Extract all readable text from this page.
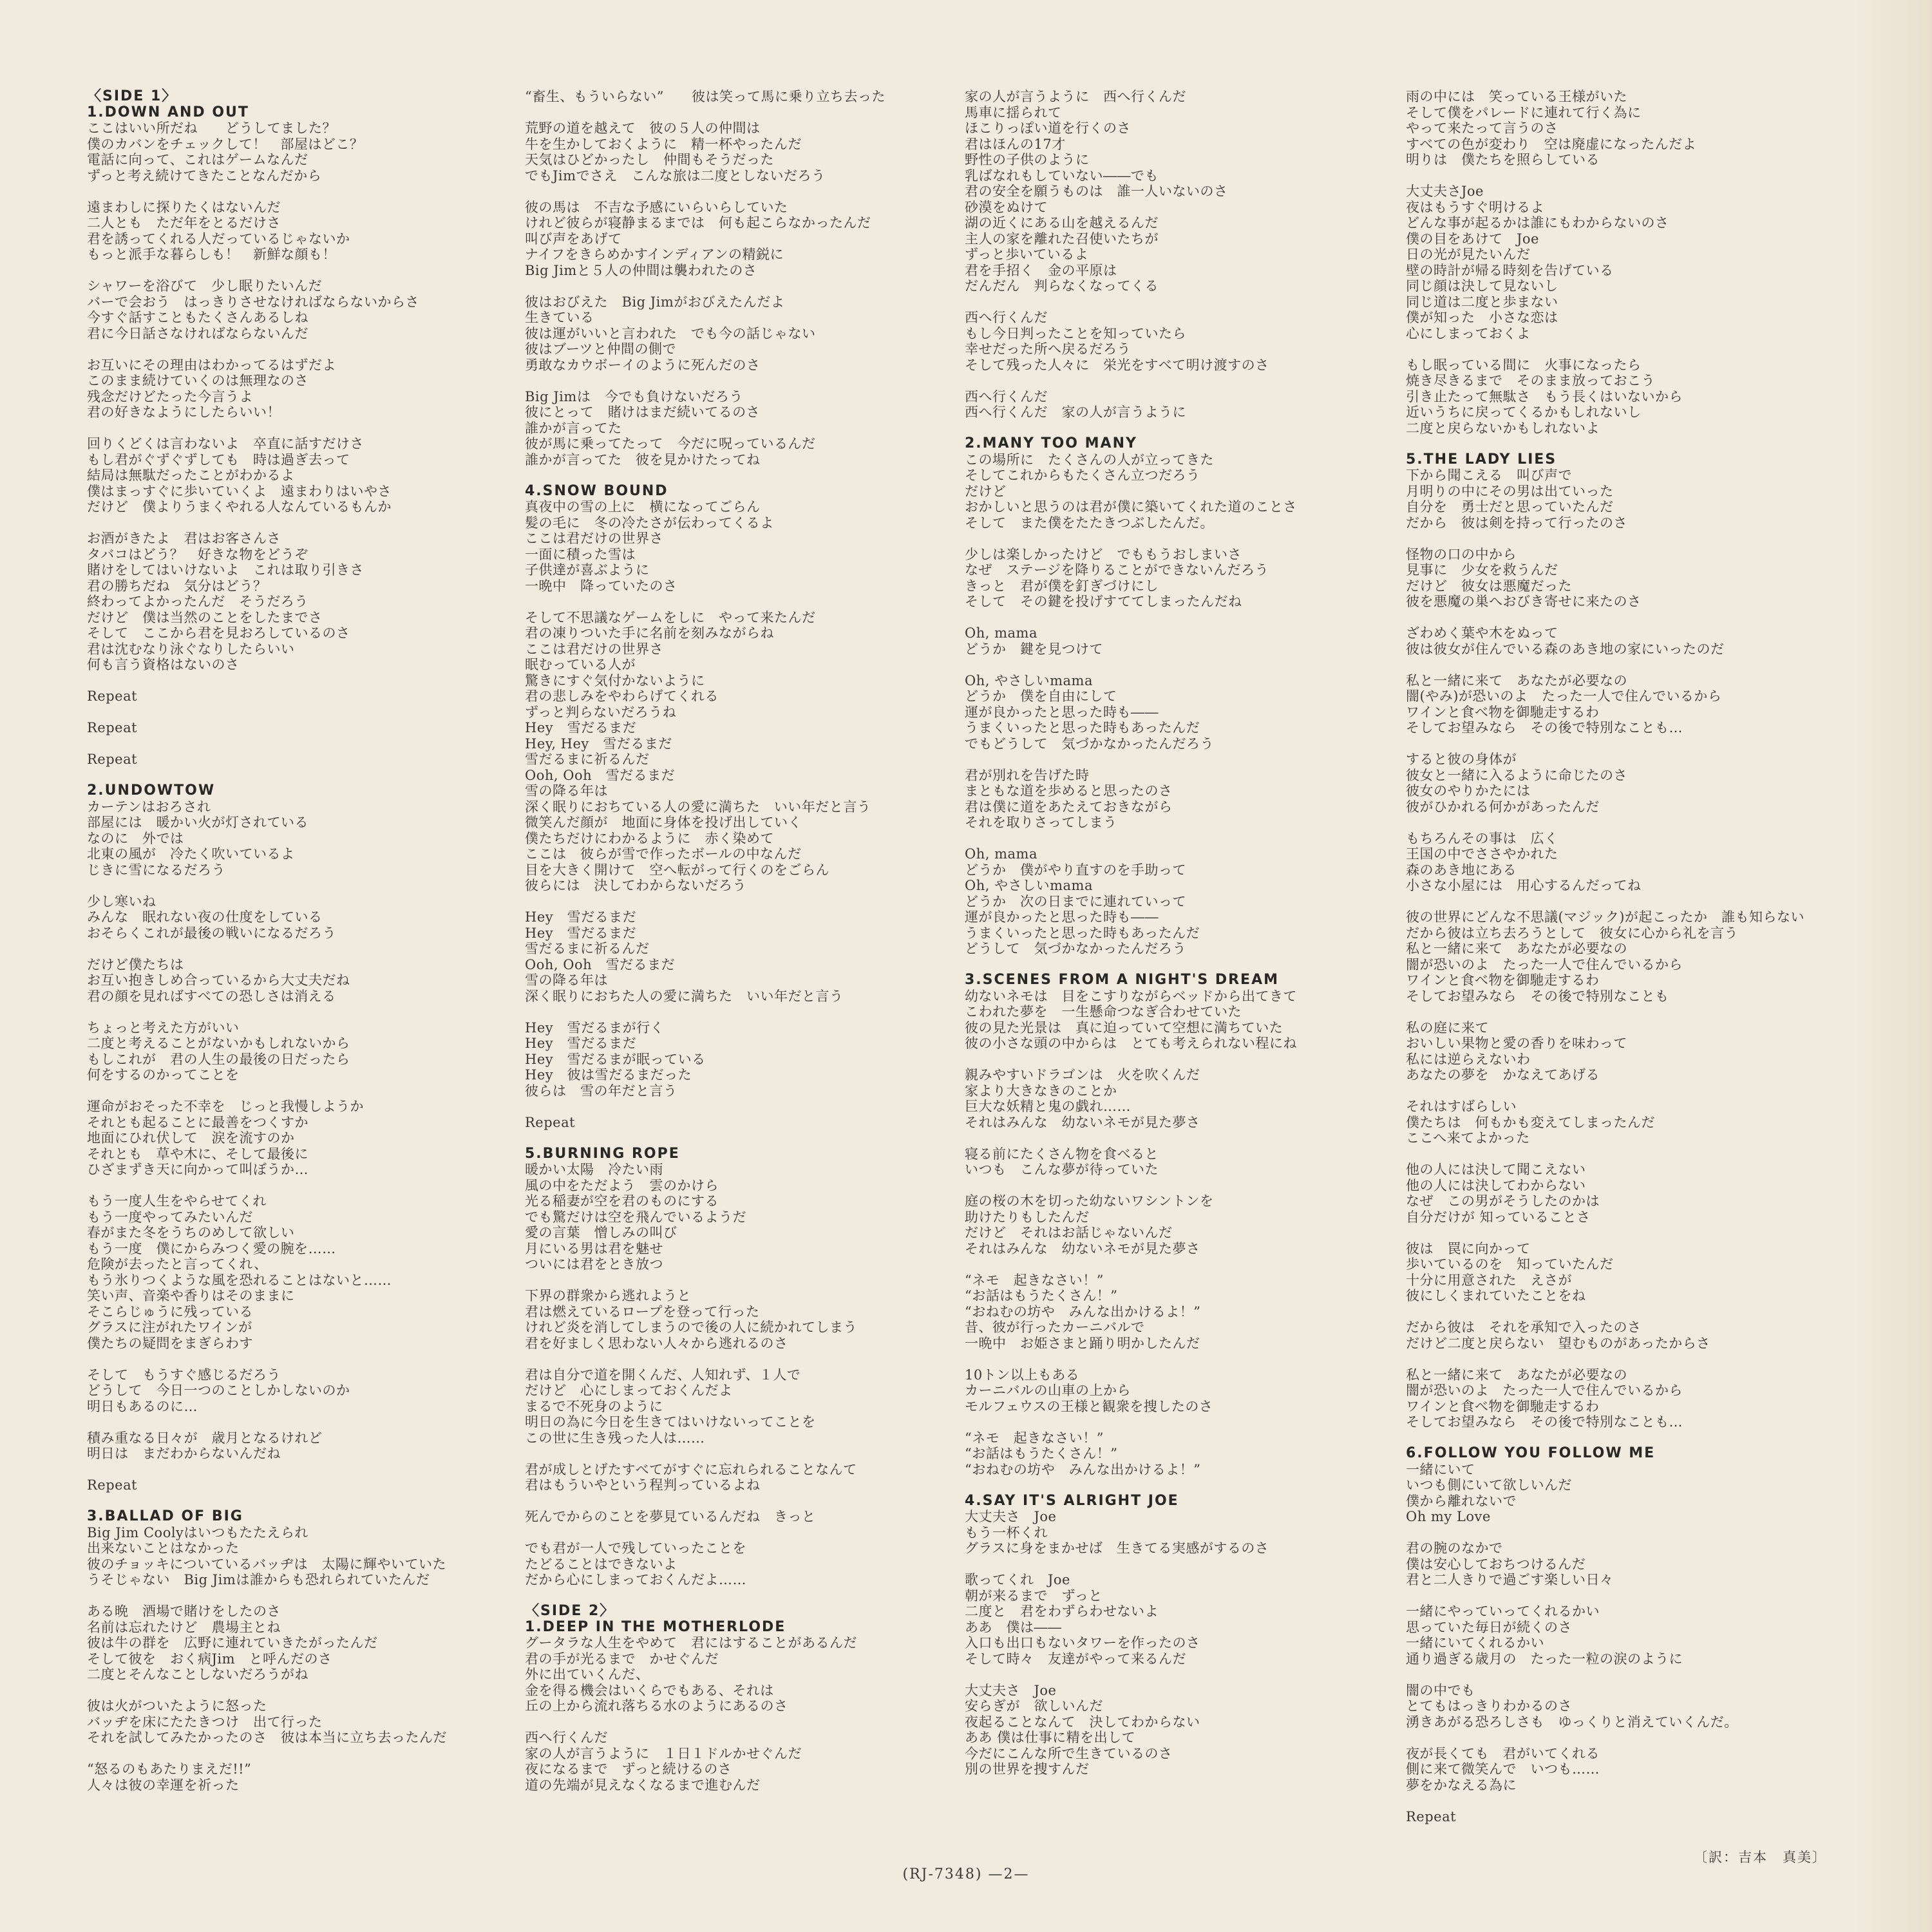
〈SIDE 1〉
1.DOWN AND OUT
ここはいい所だね　　どうしてました？
僕のカバンをチェックして！　部屋はどこ？
電話に向って、これはゲームなんだ
ずっと考え続けてきたことなんだから
遠まわしに探りたくはないんだ
二人とも　ただ年をとるだけさ
君を誘ってくれる人だっているじゃないか
もっと派手な暮らしも！　新鮮な顔も！
シャワーを浴びて　少し眠りたいんだ
バーで会おう　はっきりさせなければならないからさ
今すぐ話すこともたくさんあるしね
君に今日話さなければならないんだ
お互いにその理由はわかってるはずだよ
このまま続けていくのは無理なのさ
残念だけどたった今言うよ
君の好きなようにしたらいい！
回りくどくは言わないよ　卒直に話すだけさ
もし君がぐずぐずしても　時は過ぎ去って
結局は無駄だったことがわかるよ
僕はまっすぐに歩いていくよ　遠まわりはいやさ
だけど　僕よりうまくやれる人なんているもんか
お酒がきたよ　君はお客さんさ
タバコはどう？　好きな物をどうぞ
賭けをしてはいけないよ　これは取り引きさ
君の勝ちだね　気分はどう？
終わってよかったんだ　そうだろう
だけど　僕は当然のことをしたまでさ
そして　ここから君を見おろしているのさ
君は沈むなり泳ぐなりしたらいい
何も言う資格はないのさ
Repeat
Repeat
Repeat
2.UNDOWTOW
カーテンはおろされ
部屋には　暖かい火が灯されている
なのに　外では
北東の風が　冷たく吹いているよ
じきに雪になるだろう
少し寒いね
みんな　眠れない夜の仕度をしている
おそらくこれが最後の戦いになるだろう
だけど僕たちは
お互い抱きしめ合っているから大丈夫だね
君の顔を見ればすべての恐しさは消える
ちょっと考えた方がいい
二度と考えることがないかもしれないから
もしこれが　君の人生の最後の日だったら
何をするのかってことを
運命がおそった不幸を　じっと我慢しようか
それとも起ることに最善をつくすか
地面にひれ伏して　涙を流すのか
それとも　草や木に、そして最後に
ひざまずき天に向かって叫ぼうか…
もう一度人生をやらせてくれ
もう一度やってみたいんだ
春がまた冬をうちのめして欲しい
もう一度　僕にからみつく愛の腕を……
危険が去ったと言ってくれ、
もう氷りつくような風を恐れることはないと……
笑い声、音楽や香りはそのままに
そこらじゅうに残っている
グラスに注がれたワインが
僕たちの疑問をまぎらわす
そして　もうすぐ感じるだろう
どうして　今日一つのことしかしないのか
明日もあるのに…
積み重なる日々が　歳月となるけれど
明日は　まだわからないんだね
Repeat
3.BALLAD OF BIG
Big Jim Coolyはいつもたたえられ
出来ないことはなかった
彼のチョッキについているバッヂは　太陽に輝やいていた
うそじゃない　Big Jimは誰からも恐れられていたんだ
ある晩　酒場で賭けをしたのさ
名前は忘れたけど　農場主とね
彼は牛の群を　広野に連れていきたがったんだ
そして彼を　おく病Jim　と呼んだのさ
二度とそんなことしないだろうがね
彼は火がついたように怒った
バッヂを床にたたきつけ　出て行った
それを試してみたかったのさ　彼は本当に立ち去ったんだ
“怒るのもあたりまえだ!!”
人々は彼の幸運を祈った
“畜生、もういらない”　　彼は笑って馬に乗り立ち去った
荒野の道を越えて　彼の５人の仲間は
牛を生かしておくように　精一杯やったんだ
天気はひどかったし　仲間もそうだった
でもJimでさえ　こんな旅は二度としないだろう
彼の馬は　不吉な予感にいらいらしていた
けれど彼らが寝静まるまでは　何も起こらなかったんだ
叫び声をあげて
ナイフをきらめかすインディアンの精鋭に
Big Jimと５人の仲間は襲われたのさ
彼はおびえた　Big Jimがおびえたんだよ
生きている
彼は運がいいと言われた　でも今の話じゃない
彼はブーツと仲間の側で
勇敢なカウボーイのように死んだのさ
Big Jimは　今でも負けないだろう
彼にとって　賭けはまだ続いてるのさ
誰かが言ってた
彼が馬に乗ってたって　今だに呪っているんだ
誰かが言ってた　彼を見かけたってね
4.SNOW BOUND
真夜中の雪の上に　横になってごらん
髪の毛に　冬の冷たさが伝わってくるよ
ここは君だけの世界さ
一面に積った雪は
子供達が喜ぶように
一晩中　降っていたのさ
そして不思議なゲームをしに　やって来たんだ
君の凍りついた手に名前を刻みながらね
ここは君だけの世界さ
眠むっている人が
驚きにすぐ気付かないように
君の悲しみをやわらげてくれる
ずっと判らないだろうね
Hey　雪だるまだ
Hey, Hey　雪だるまだ
雪だるまに祈るんだ
Ooh, Ooh　雪だるまだ
雪の降る年は
深く眠りにおちている人の愛に満ちた　いい年だと言う
微笑んだ顔が　地面に身体を投げ出していく
僕たちだけにわかるように　赤く染めて
ここは　彼らが雪で作ったボールの中なんだ
目を大きく開けて　空へ転がって行くのをごらん
彼らには　決してわからないだろう
Hey　雪だるまだ
Hey　雪だるまだ
雪だるまに祈るんだ
Ooh, Ooh　雪だるまだ
雪の降る年は
深く眠りにおちた人の愛に満ちた　いい年だと言う
Hey　雪だるまが行く
Hey　雪だるまだ
Hey　雪だるまが眠っている
Hey　彼は雪だるまだった
彼らは　雪の年だと言う
Repeat
5.BURNING ROPE
暖かい太陽　冷たい雨
風の中をただよう　雲のかけら
光る稲妻が空を君のものにする
でも驚だけは空を飛んでいるようだ
愛の言葉　憎しみの叫び
月にいる男は君を魅せ
ついには君をとき放つ
下界の群衆から逃れようと
君は燃えているロープを登って行った
けれど炎を消してしまうので後の人に続かれてしまう
君を好ましく思わない人々から逃れるのさ
君は自分で道を開くんだ、人知れず、１人で
だけど　心にしまっておくんだよ
まるで不死身のように
明日の為に今日を生きてはいけないってことを
この世に生き残った人は……
君が成しとげたすべてがすぐに忘れられることなんて
君はもういやという程判っているよね
死んでからのことを夢見ているんだね　きっと
でも君が一人で残していったことを
たどることはできないよ
だから心にしまっておくんだよ……
〈SIDE 2〉
1.DEEP IN THE MOTHERLODE
グータラな人生をやめて　君にはすることがあるんだ
君の手が光るまで　かせぐんだ
外に出ていくんだ、
金を得る機会はいくらでもある、それは
丘の上から流れ落ちる水のようにあるのさ
西へ行くんだ
家の人が言うように　１日１ドルかせぐんだ
夜になるまで　ずっと続けるのさ
道の先端が見えなくなるまで進むんだ
家の人が言うように　西へ行くんだ
馬車に揺られて
ほこりっぽい道を行くのさ
君はほんの17才
野性の子供のように
乳ばなれもしていない――でも
君の安全を願うものは　誰一人いないのさ
砂漠をぬけて
湖の近くにある山を越えるんだ
主人の家を離れた召使いたちが
ずっと歩いているよ
君を手招く　金の平原は
だんだん　判らなくなってくる
西へ行くんだ
もし今日判ったことを知っていたら
幸せだった所へ戻るだろう
そして残った人々に　栄光をすべて明け渡すのさ
西へ行くんだ
西へ行くんだ　家の人が言うように
2.MANY TOO MANY
この場所に　たくさんの人が立ってきた
そしてこれからもたくさん立つだろう
だけど
おかしいと思うのは君が僕に築いてくれた道のことさ
そして　また僕をたたきつぶしたんだ。
少しは楽しかったけど　でももうおしまいさ
なぜ　ステージを降りることができないんだろう
きっと　君が僕を釘ぎづけにし
そして　その鍵を投げすててしまったんだね
Oh, mama
どうか　鍵を見つけて
Oh, やさしいmama
どうか　僕を自由にして
運が良かったと思った時も――
うまくいったと思った時もあったんだ
でもどうして　気づかなかったんだろう
君が別れを告げた時
まともな道を歩めると思ったのさ
君は僕に道をあたえておきながら
それを取りさってしまう
Oh, mama
どうか　僕がやり直すのを手助って
Oh, やさしいmama
どうか　次の日までに連れていって
運が良かったと思った時も――
うまくいったと思った時もあったんだ
どうして　気づかなかったんだろう
3.SCENES FROM A NIGHT'S DREAM
幼ないネモは　目をこすりながらベッドから出てきて
こわれた夢を　一生懸命つなぎ合わせていた
彼の見た光景は　真に迫っていて空想に満ちていた
彼の小さな頭の中からは　とても考えられない程にね
親みやすいドラゴンは　火を吹くんだ
家より大きなきのことか
巨大な妖精と鬼の戯れ……
それはみんな　幼ないネモが見た夢さ
寝る前にたくさん物を食べると
いつも　こんな夢が待っていた
庭の桜の木を切った幼ないワシントンを
助けたりもしたんだ
だけど　それはお話じゃないんだ
それはみんな　幼ないネモが見た夢さ
“ネモ　起きなさい！”
“お話はもうたくさん！”
“おねむの坊や　みんな出かけるよ！”
昔、彼が行ったカーニバルで
一晩中　お姫さまと踊り明かしたんだ
10トン以上もある
カーニバルの山車の上から
モルフェウスの王様と観衆を捜したのさ
“ネモ　起きなさい！”
“お話はもうたくさん！”
“おねむの坊や　みんな出かけるよ！”
4.SAY IT'S ALRIGHT JOE
大丈夫さ　Joe
もう一杯くれ
グラスに身をまかせば　生きてる実感がするのさ
歌ってくれ　Joe
朝が来るまで　ずっと
二度と　君をわずらわせないよ
ああ　僕は――
入口も出口もないタワーを作ったのさ
そして時々　友達がやって来るんだ
大丈夫さ　Joe
安らぎが　欲しいんだ
夜起ることなんて　決してわからない
ああ 僕は仕事に精を出して
今だにこんな所で生きているのさ
別の世界を捜すんだ
雨の中には　笑っている王様がいた
そして僕をパレードに連れて行く為に
やって来たって言うのさ
すべての色が変わり　空は廃虚になったんだよ
明りは　僕たちを照らしている
大丈夫さJoe
夜はもうすぐ明けるよ
どんな事が起るかは誰にもわからないのさ
僕の目をあけて　Joe
日の光が見たいんだ
壁の時計が帰る時刻を告げている
同じ顔は決して見ないし
同じ道は二度と歩まない
僕が知った　小さな恋は
心にしまっておくよ
もし眠っている間に　火事になったら
焼き尽きるまで　そのまま放っておこう
引き止たって無駄さ　もう長くはいないから
近いうちに戻ってくるかもしれないし
二度と戻らないかもしれないよ
5.THE LADY LIES
下から聞こえる　叫び声で
月明りの中にその男は出ていった
自分を　勇士だと思っていたんだ
だから　彼は剣を持って行ったのさ
怪物の口の中から
見事に　少女を救うんだ
だけど　彼女は悪魔だった
彼を悪魔の巣へおびき寄せに来たのさ
ざわめく葉や木をぬって
彼は彼女が住んでいる森のあき地の家にいったのだ
私と一緒に来て　あなたが必要なの
闇(やみ)が恐いのよ　たった一人で住んでいるから
ワインと食べ物を御馳走するわ
そしてお望みなら　その後で特別なことも…
すると彼の身体が
彼女と一緒に入るように命じたのさ
彼女のやりかたには
彼がひかれる何かがあったんだ
もちろんその事は　広く
王国の中でささやかれた
森のあき地にある
小さな小屋には　用心するんだってね
彼の世界にどんな不思議(マジック)が起こったか　誰も知らない
だから彼は立ち去ろうとして　彼女に心から礼を言う
私と一緒に来て　あなたが必要なの
闇が恐いのよ　たった一人で住んでいるから
ワインと食べ物を御馳走するわ
そしてお望みなら　その後で特別なことも
私の庭に来て
おいしい果物と愛の香りを味わって
私には逆らえないわ
あなたの夢を　かなえてあげる
それはすばらしい
僕たちは　何もかも変えてしまったんだ
ここへ来てよかった
他の人には決して聞こえない
他の人には決してわからない
なぜ　この男がそうしたのかは
自分だけが 知っていることさ
彼は　罠に向かって
歩いているのを　知っていたんだ
十分に用意された　えさが
彼にしくまれていたことをね
だから彼は　それを承知で入ったのさ
だけど二度と戻らない　望むものがあったからさ
私と一緒に来て　あなたが必要なの
闇が恐いのよ　たった一人で住んでいるから
ワインと食べ物を御馳走するわ
そしてお望みなら　その後で特別なことも…
6.FOLLOW YOU FOLLOW ME
一緒にいて
いつも側にいて欲しいんだ
僕から離れないで
Oh my Love
君の腕のなかで
僕は安心しておちつけるんだ
君と二人きりで過ごす楽しい日々
一緒にやっていってくれるかい
思っていた毎日が続くのさ
一緒にいてくれるかい
通り過ぎる歳月の　たった一粒の涙のように
闇の中でも
とてもはっきりわかるのさ
湧きあがる恐ろしさも　ゆっくりと消えていくんだ。
夜が長くても　君がいてくれる
側に来て微笑んで　いつも……
夢をかなえる為に
Repeat
〔訳：吉本　真美〕
(RJ-7348) —2—
